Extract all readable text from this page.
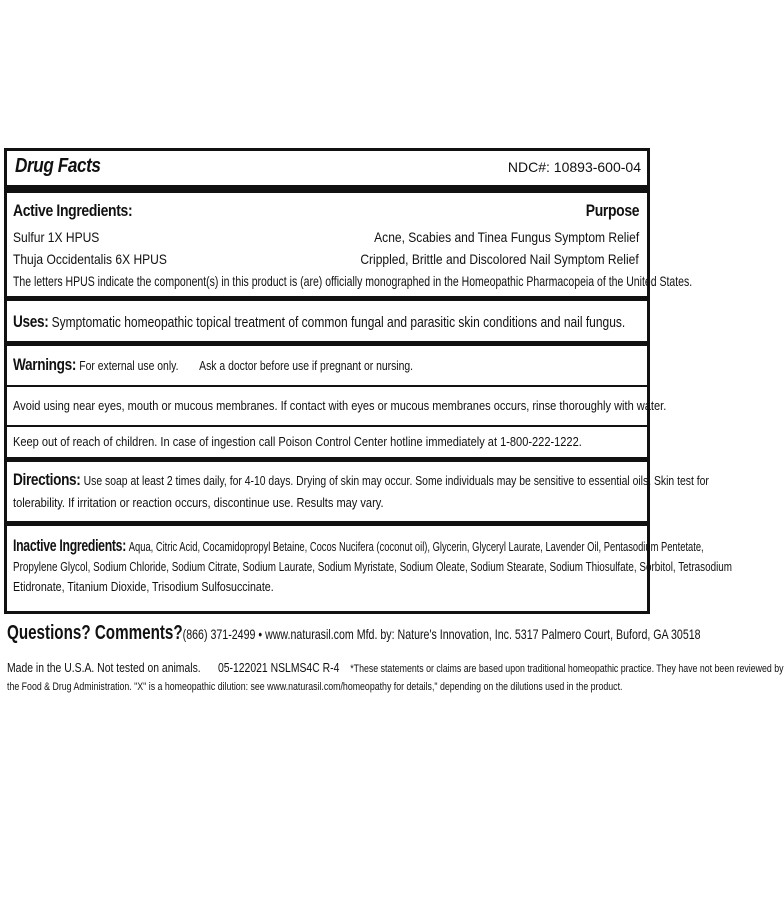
Drug Facts	NDC#: 10893-600-04
Active Ingredients:	Purpose
Sulfur 1X HPUS	Acne, Scabies and Tinea Fungus Symptom Relief
Thuja Occidentalis 6X HPUS	Crippled, Brittle and Discolored Nail Symptom Relief
The letters HPUS indicate the component(s) in this product is (are) officially monographed in the Homeopathic Pharmacopeia of the United States.
Uses: Symptomatic homeopathic topical treatment of common fungal and parasitic skin conditions and nail fungus.
Warnings: For external use only. Ask a doctor before use if pregnant or nursing.
Avoid using near eyes, mouth or mucous membranes. If contact with eyes or mucous membranes occurs, rinse thoroughly with water.
Keep out of reach of children. In case of ingestion call Poison Control Center hotline immediately at 1-800-222-1222.
Directions: Use soap at least 2 times daily, for 4-10 days. Drying of skin may occur. Some individuals may be sensitive to essential oils. Skin test for
tolerability. If irritation or reaction occurs, discontinue use. Results may vary.
Inactive Ingredients: Aqua, Citric Acid, Cocamidopropyl Betaine, Cocos Nucifera (coconut oil), Glycerin, Glyceryl Laurate, Lavender Oil, Pentasodium Pentetate,
Propylene Glycol, Sodium Chloride, Sodium Citrate, Sodium Laurate, Sodium Myristate, Sodium Oleate, Sodium Stearate, Sodium Thiosulfate, Sorbitol, Tetrasodium
Etidronate, Titanium Dioxide, Trisodium Sulfosuccinate.
Questions? Comments?(866) 371-2499 • www.naturasil.com Mfd. by: Nature's Innovation, Inc. 5317 Palmero Court, Buford, GA 30518
Made in the U.S.A. Not tested on animals. 05-122021 NSLMS4C R-4 *These statements or claims are based upon traditional homeopathic practice. They have not been reviewed by
the Food & Drug Administration. "X" is a homeopathic dilution: see www.naturasil.com/homeopathy for details," depending on the dilutions used in the product.
